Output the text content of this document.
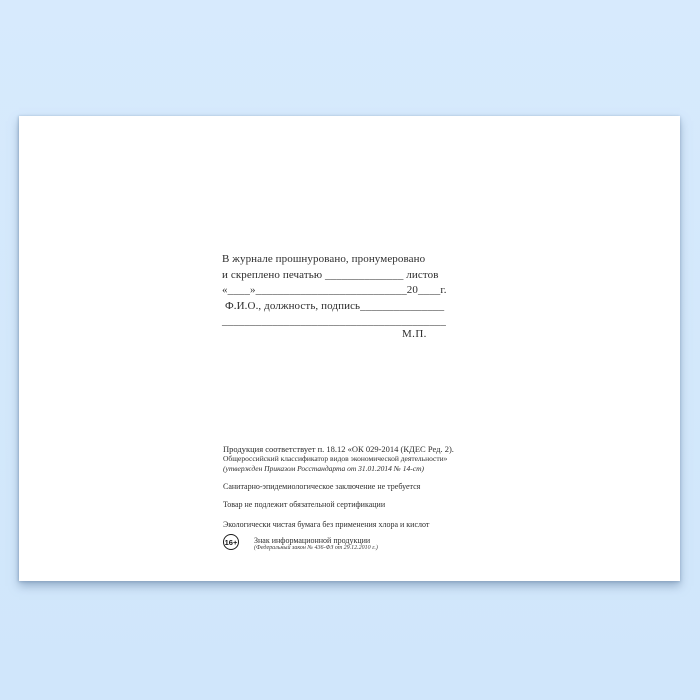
В журнале прошнуровано, пронумеровано
и скреплено печатью ______________ листов
«____»___________________________20____г.
Ф.И.О., должность, подпись_______________
________________________________________
М.П.
Продукция соответствует п. 18.12 «ОК 029-2014 (КДЕС Ред. 2).
Общероссийский классификатор видов экономической деятельности»
(утвержден Приказом Росстандарта от 31.01.2014 № 14-ст)
Санитарно-эпидемиологическое заключение не требуется
Товар не подлежит обязательной сертификации
Экологически чистая бумага без применения хлора и кислот
16+ Знак информационной продукции
(Федеральный закон № 436-ФЗ от 29.12.2010 г.)
